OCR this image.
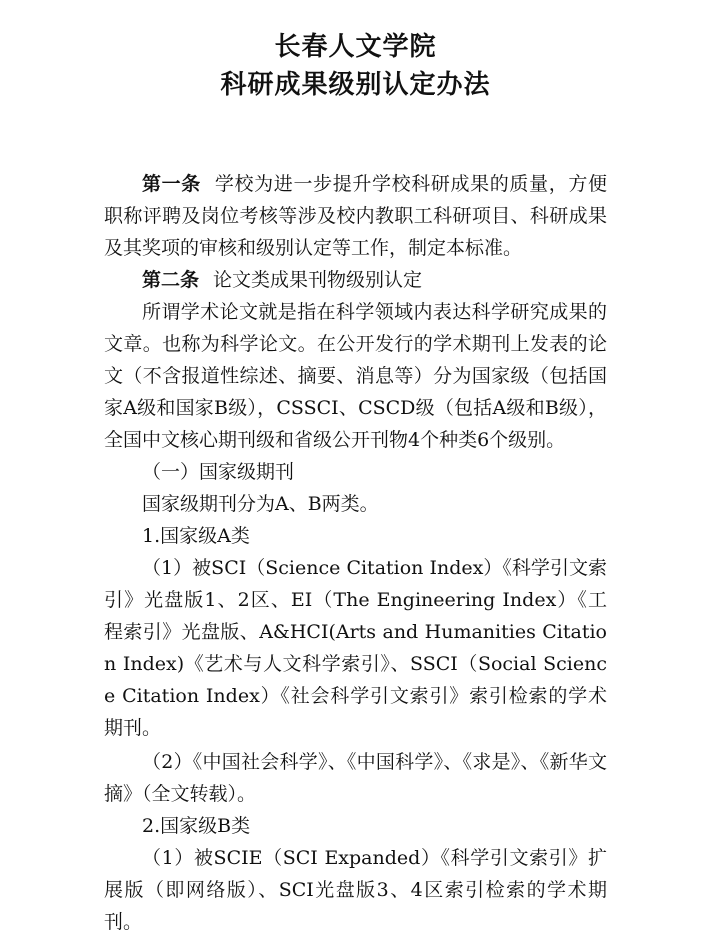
长春人文学院
科研成果级别认定办法

第一条 学校为进一步提升学校科研成果的质量，方便职称评聘及岗位考核等涉及校内教职工科研项目、科研成果及其奖项的审核和级别认定等工作，制定本标准。

第二条 论文类成果刊物级别认定

所谓学术论文就是指在科学领域内表达科学研究成果的文章。也称为科学论文。在公开发行的学术期刊上发表的论文（不含报道性综述、摘要、消息等）分为国家级（包括国家A级和国家B级），CSSCI、CSCD级（包括A级和B级），全国中文核心期刊级和省级公开刊物4个种类6个级别。

（一）国家级期刊

国家级期刊分为A、B两类。

1.国家级A类

（1）被SCI（Science Citation Index）《科学引文索引》光盘版1、2区、EI（The Engineering Index）《工程索引》光盘版、A&HCI(Arts and Humanities Citation Index)《艺术与人文科学索引》、SSCI（Social Science Citation Index）《社会科学引文索引》索引检索的学术期刊。

（2）《中国社会科学》、《中国科学》、《求是》、《新华文摘》（全文转载）。

2.国家级B类

（1）被SCIE（SCI Expanded）《科学引文索引》扩展版（即网络版）、SCI光盘版3、4区索引检索的学术期刊。
